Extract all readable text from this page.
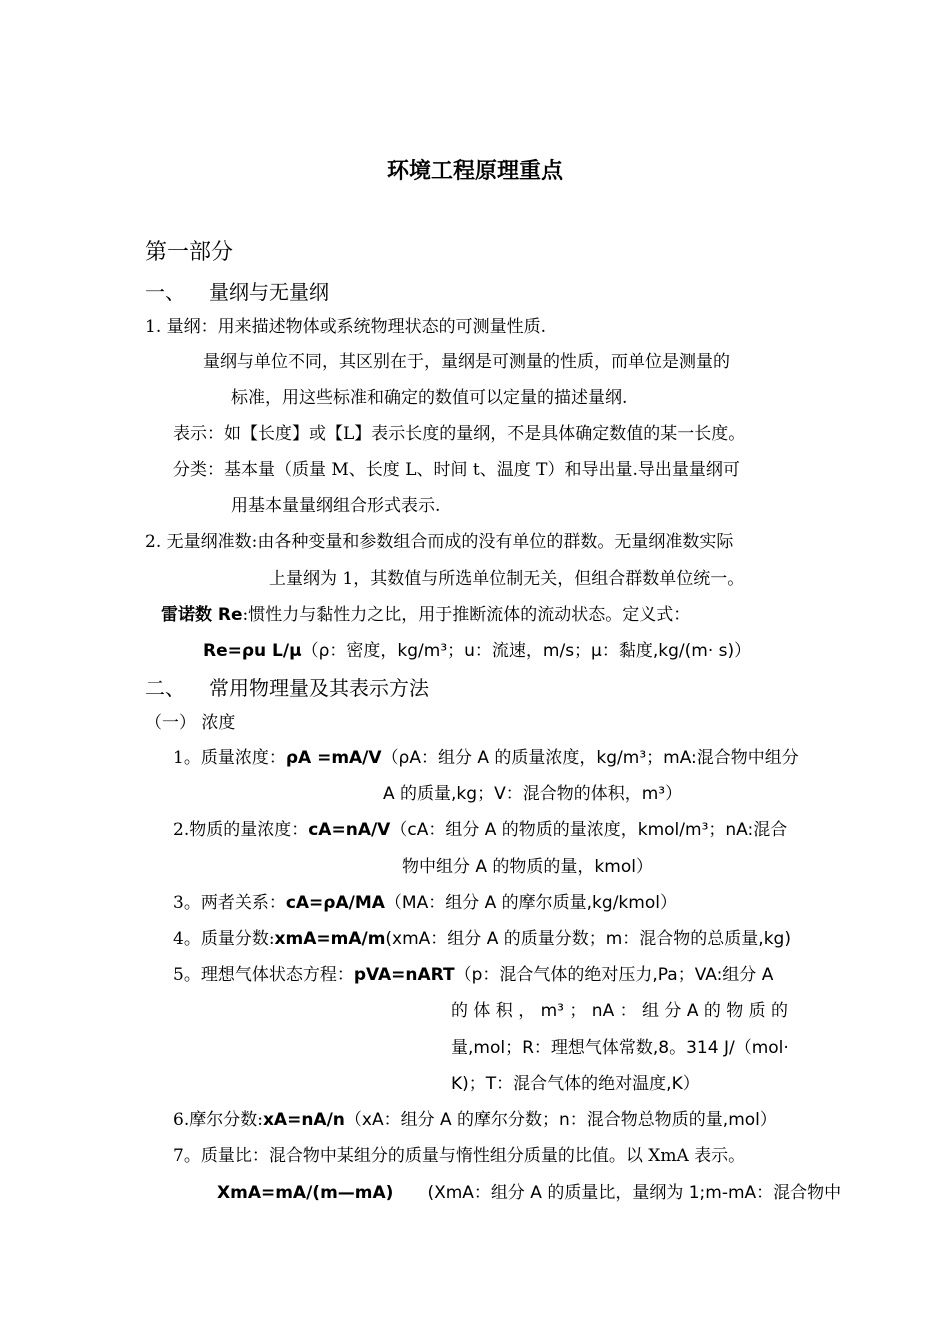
环境工程原理重点
第一部分
一、 量纲与无量纲
1. 量纲：用来描述物体或系统物理状态的可测量性质.
量纲与单位不同，其区别在于，量纲是可测量的性质，而单位是测量的
标准，用这些标准和确定的数值可以定量的描述量纲.
表示：如【长度】或【L】表示长度的量纲，不是具体确定数值的某一长度。
分类：基本量（质量 M、长度 L、时间 t、温度 T）和导出量.导出量量纲可
用基本量量纲组合形式表示.
2. 无量纲准数:由各种变量和参数组合而成的没有单位的群数。无量纲准数实际
上量纲为 1，其数值与所选单位制无关，但组合群数单位统一。
雷诺数 Re:惯性力与黏性力之比，用于推断流体的流动状态。定义式：
Re=ρu L/μ（ρ：密度，kg/m³；u：流速，m/s；μ：黏度,kg/(m· s)）
二、 常用物理量及其表示方法
（一） 浓度
1。质量浓度：ρA =mA/V（ρA：组分 A 的质量浓度，kg/m³；mA:混合物中组分
A 的质量,kg；V：混合物的体积，m³）
2.物质的量浓度：cA=nA/V（cA：组分 A 的物质的量浓度，kmol/m³；nA:混合
物中组分 A 的物质的量，kmol）
3。两者关系：cA=ρA/MA（MA：组分 A 的摩尔质量,kg/kmol）
4。质量分数:xmA=mA/m(xmA：组分 A 的质量分数；m：混合物的总质量,kg)
5。理想气体状态方程：pVA=nART（p：混合气体的绝对压力,Pa；VA:组分 A
的 体 积 ， m³ ； nA ： 组 分 A 的 物 质 的
量,mol；R：理想气体常数,8。314 J/（mol·
K)；T：混合气体的绝对温度,K）
6.摩尔分数:xA=nA/n（xA：组分 A 的摩尔分数；n：混合物总物质的量,mol）
7。质量比：混合物中某组分的质量与惰性组分质量的比值。以 XmA 表示。
XmA=mA/(m—mA) (XmA：组分 A 的质量比，量纲为 1;m-mA：混合物中
